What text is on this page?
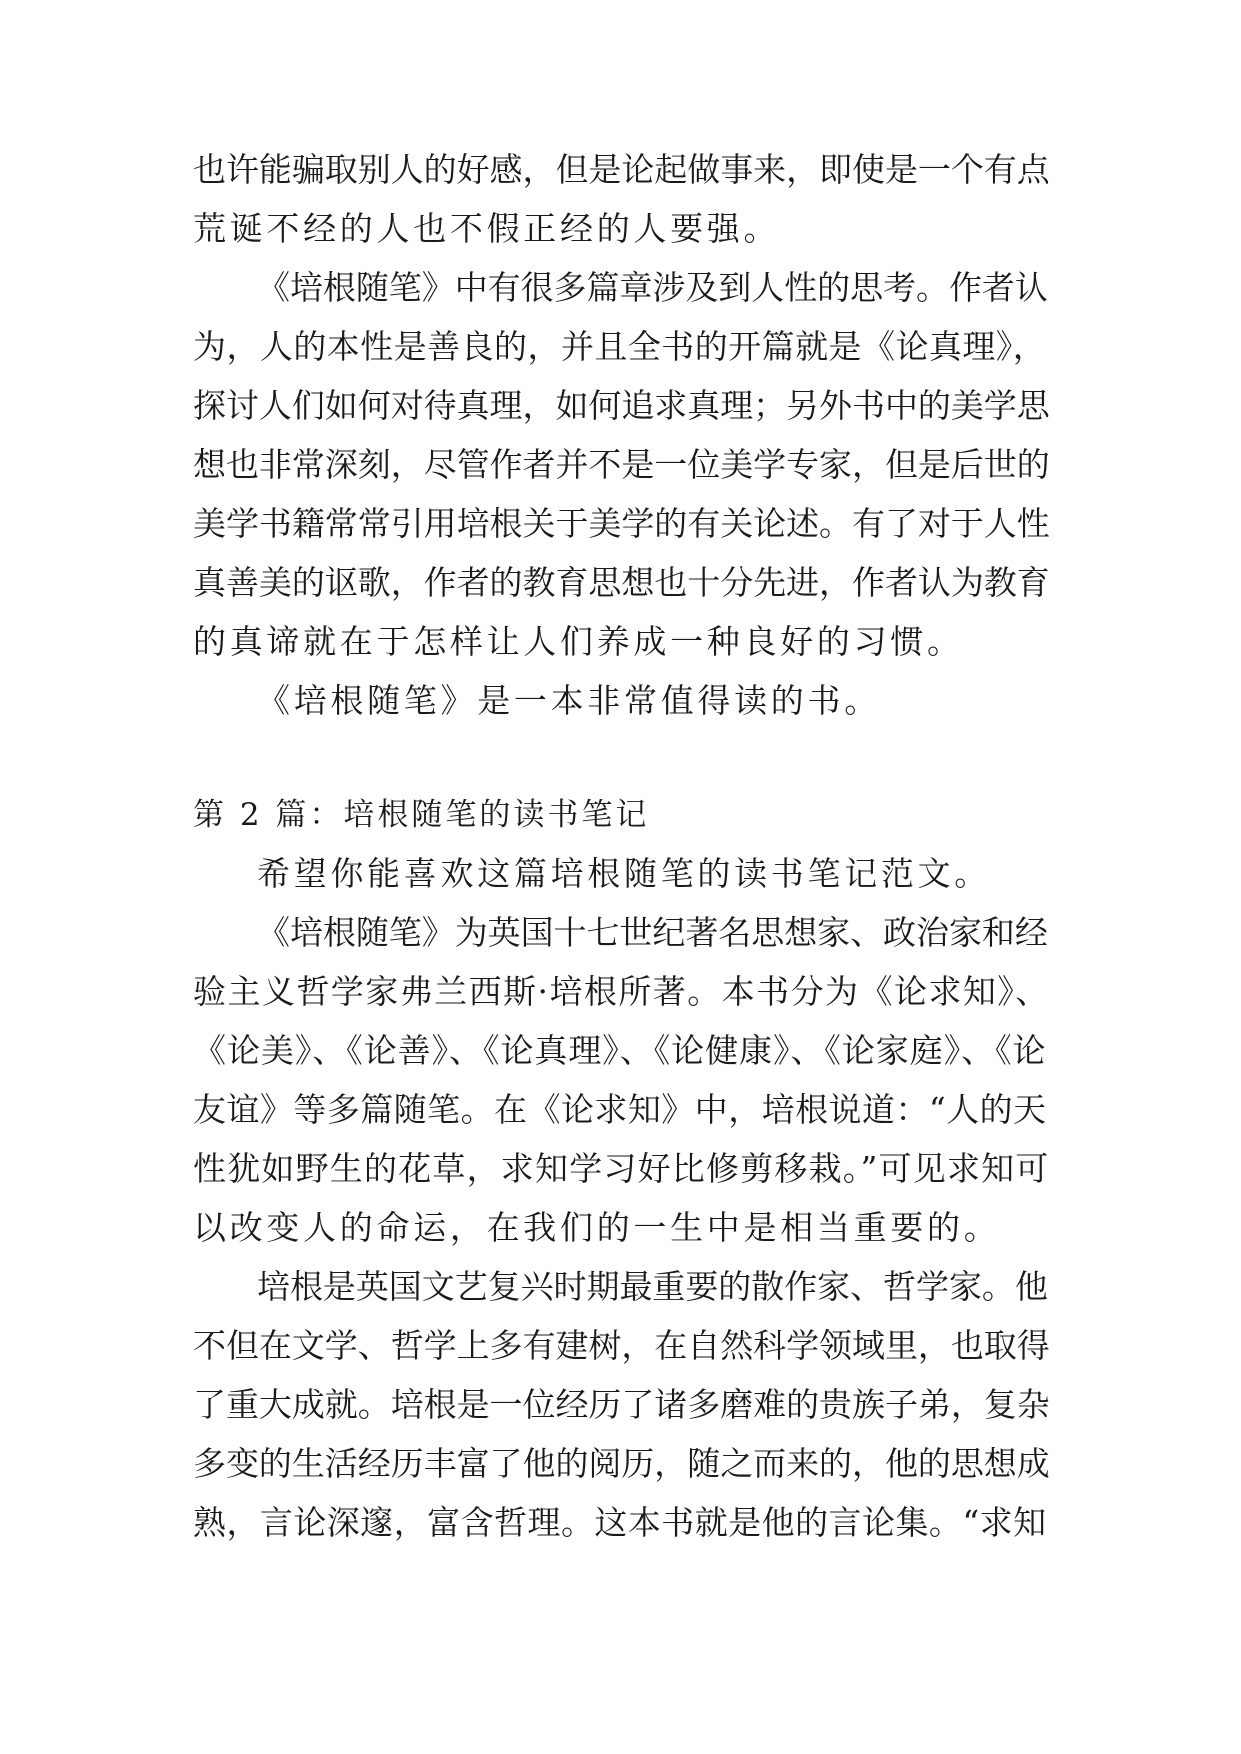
也许能骗取别人的好感，但是论起做事来，即使是一个有点
荒诞不经的人也不假正经的人要强。
《培根随笔》中有很多篇章涉及到人性的思考。作者认
为，人的本性是善良的，并且全书的开篇就是《论真理》，
探讨人们如何对待真理，如何追求真理；另外书中的美学思
想也非常深刻，尽管作者并不是一位美学专家，但是后世的
美学书籍常常引用培根关于美学的有关论述。有了对于人性
真善美的讴歌，作者的教育思想也十分先进，作者认为教育
的真谛就在于怎样让人们养成一种良好的习惯。
《培根随笔》是一本非常值得读的书。
第 2 篇：培根随笔的读书笔记
希望你能喜欢这篇培根随笔的读书笔记范文。
《培根随笔》为英国十七世纪著名思想家、政治家和经
验主义哲学家弗兰西斯·培根所著。本书分为《论求知》、
《论美》、《论善》、《论真理》、《论健康》、《论家庭》、《论
友谊》等多篇随笔。在《论求知》中，培根说道：“人的天
性犹如野生的花草，求知学习好比修剪移栽。”可见求知可
以改变人的命运，在我们的一生中是相当重要的。
培根是英国文艺复兴时期最重要的散作家、哲学家。他
不但在文学、哲学上多有建树，在自然科学领域里，也取得
了重大成就。培根是一位经历了诸多磨难的贵族子弟，复杂
多变的生活经历丰富了他的阅历，随之而来的，他的思想成
熟，言论深邃，富含哲理。这本书就是他的言论集。“求知
